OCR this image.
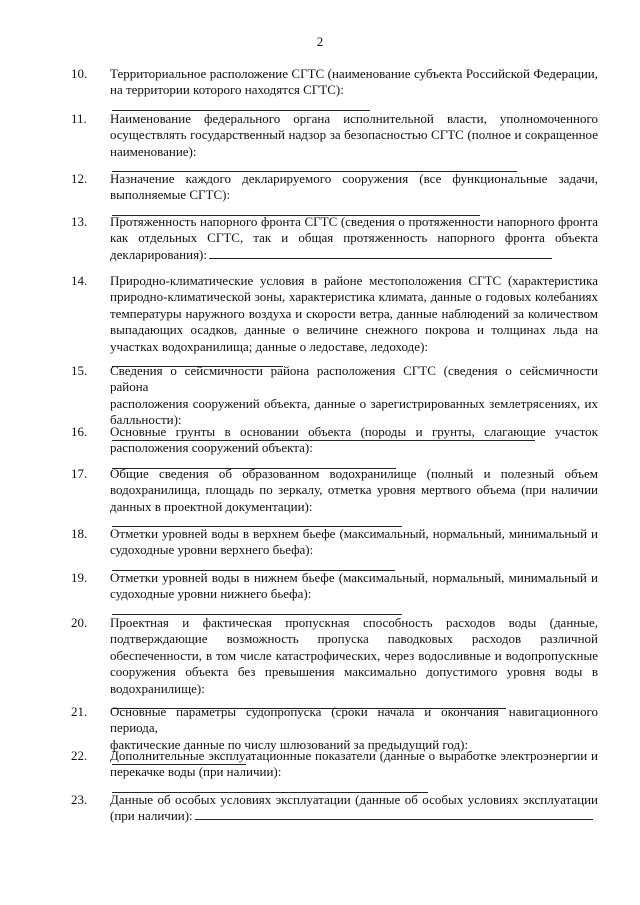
2
10. Территориальное расположение СГТС (наименование субъекта Российской Федерации,
на территории которого находятся СГТС):
11. Наименование федерального органа исполнительной власти, уполномоченного
осуществлять государственный надзор за безопасностью СГТС (полное и сокращенное
наименование):
12. Назначение каждого декларируемого сооружения (все функциональные задачи,
выполняемые СГТС):
13. Протяженность напорного фронта СГТС (сведения о протяженности напорного фронта
как отдельных СГТС, так и общая протяженность напорного фронта объекта
декларирования):
14. Природно-климатические условия в районе местоположения СГТС (характеристика
природно-климатической зоны, характеристика климата, данные о годовых колебаниях
температуры наружного воздуха и скорости ветра, данные наблюдений за количеством
выпадающих осадков, данные о величине снежного покрова и толщинах льда на
участках водохранилища; данные о ледоставе, ледоходе):
15. Сведения о сейсмичности района расположения СГТС (сведения о сейсмичности района
расположения сооружений объекта, данные о зарегистрированных землетрясениях, их
балльности):
16. Основные грунты в основании объекта (породы и грунты, слагающие участок
расположения сооружений объекта):
17. Общие сведения об образованном водохранилище (полный и полезный объем
водохранилища, площадь по зеркалу, отметка уровня мертвого объема (при наличии
данных в проектной документации):
18. Отметки уровней воды в верхнем бьефе (максимальный, нормальный, минимальный и
судоходные уровни верхнего бьефа):
19. Отметки уровней воды в нижнем бьефе (максимальный, нормальный, минимальный и
судоходные уровни нижнего бьефа):
20. Проектная и фактическая пропускная способность расходов воды (данные,
подтверждающие возможность пропуска паводковых расходов различной
обеспеченности, в том числе катастрофических, через водосливные и водопропускные
сооружения объекта без превышения максимально допустимого уровня воды в
водохранилище):
21. Основные параметры судопропуска (сроки начала и окончания навигационного периода,
фактические данные по числу шлюзований за предыдущий год):
22. Дополнительные эксплуатационные показатели (данные о выработке электроэнергии и
перекачке воды (при наличии):
23. Данные об особых условиях эксплуатации (данные об особых условиях эксплуатации
(при наличии):
